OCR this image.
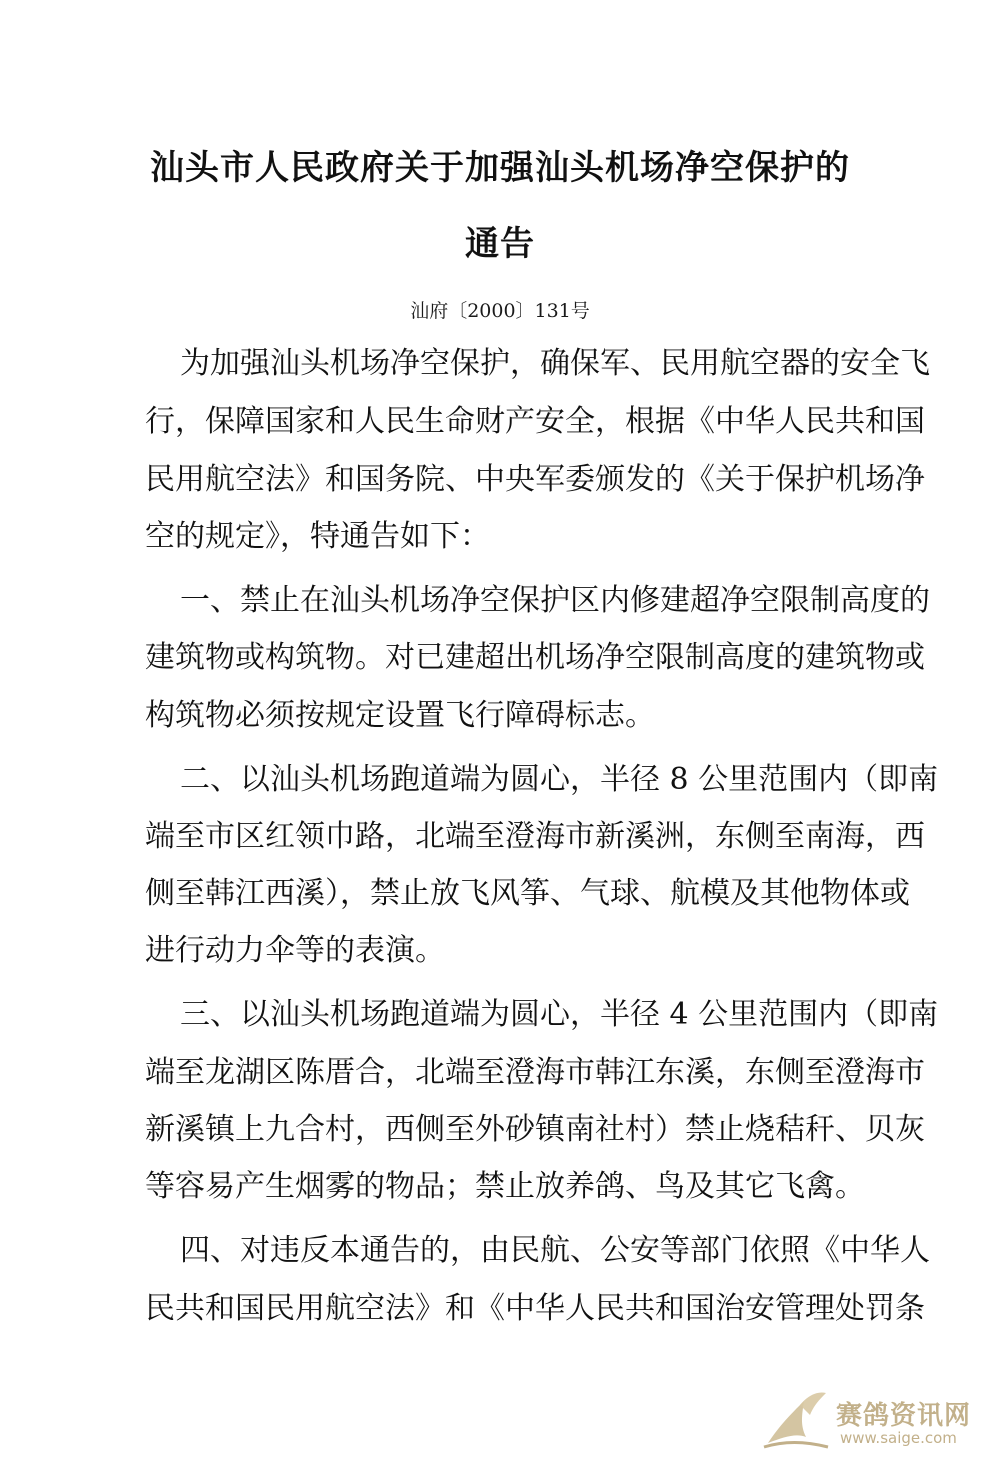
汕头市人民政府关于加强汕头机场净空保护的
通告
汕府〔2000〕131号
为加强汕头机场净空保护，确保军、民用航空器的安全飞
行，保障国家和人民生命财产安全，根据《中华人民共和国
民用航空法》和国务院、中央军委颁发的《关于保护机场净
空的规定》，特通告如下：
一、禁止在汕头机场净空保护区内修建超净空限制高度的
建筑物或构筑物。对已建超出机场净空限制高度的建筑物或
构筑物必须按规定设置飞行障碍标志。
二、以汕头机场跑道端为圆心，半径 8 公里范围内（即南
端至市区红领巾路，北端至澄海市新溪洲，东侧至南海，西
侧至韩江西溪），禁止放飞风筝、气球、航模及其他物体或
进行动力伞等的表演。
三、以汕头机场跑道端为圆心，半径 4 公里范围内（即南
端至龙湖区陈厝合，北端至澄海市韩江东溪，东侧至澄海市
新溪镇上九合村，西侧至外砂镇南社村）禁止烧秸秆、贝灰
等容易产生烟雾的物品；禁止放养鸽、鸟及其它飞禽。
四、对违反本通告的，由民航、公安等部门依照《中华人
民共和国民用航空法》和《中华人民共和国治安管理处罚条
赛鸽资讯网
www.saige.com
